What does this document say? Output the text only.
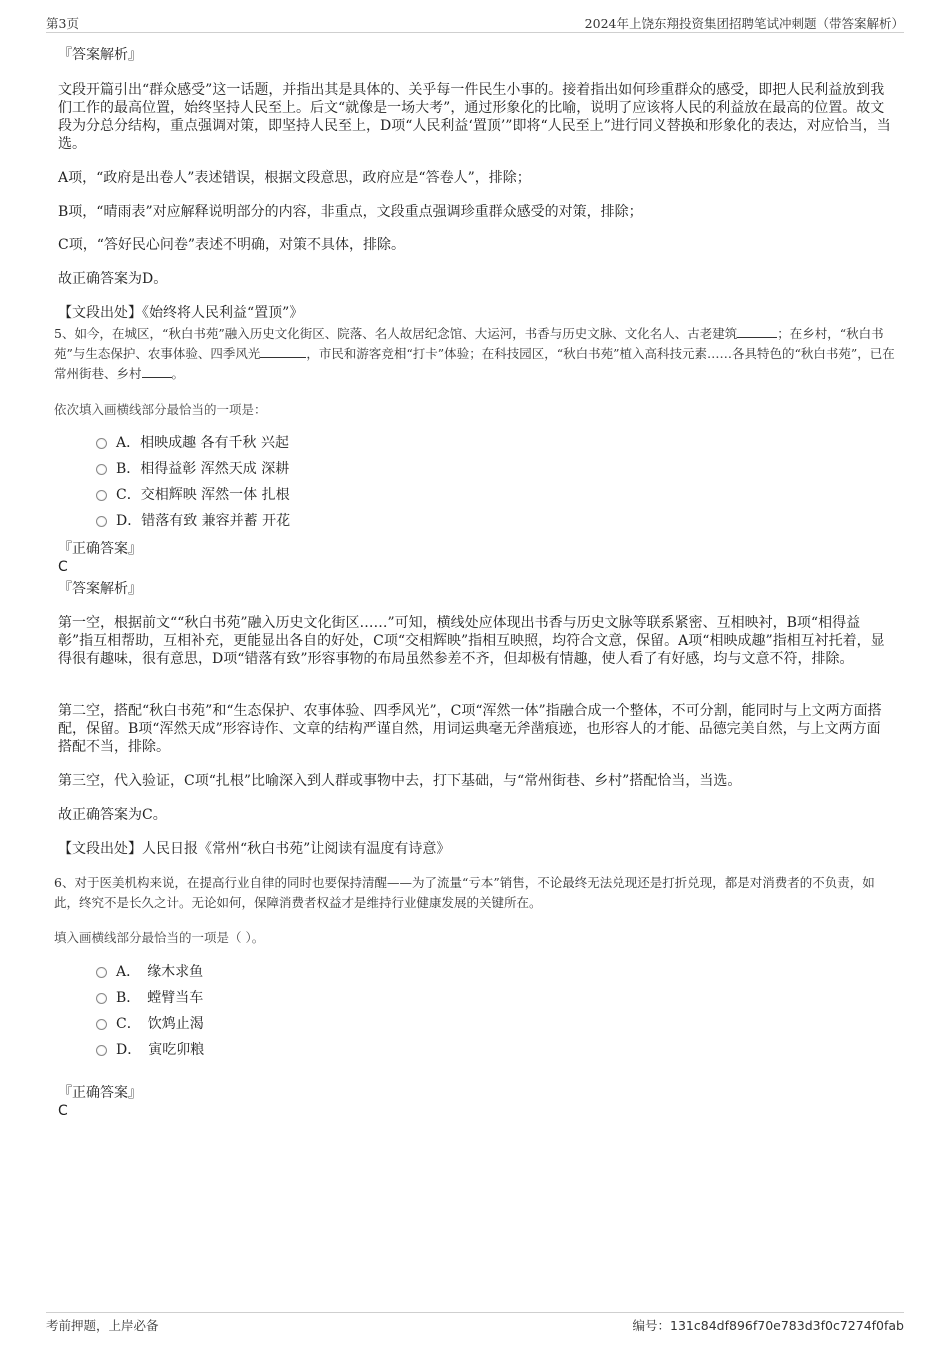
第3页	2024年上饶东翔投资集团招聘笔试冲刺题（带答案解析）
『答案解析』

文段开篇引出“群众感受”这一话题，并指出其是具体的、关乎每一件民生小事的。接着指出如何珍重群众的感受，即把人民利益放到我们工作的最高位置，始终坚持人民至上。后文“就像是一场大考”，通过形象化的比喻，说明了应该将人民的利益放在最高的位置。故文段为分总分结构，重点强调对策，即坚持人民至上，D项“人民利益‘置顶’”即将“人民至上”进行同义替换和形象化的表达，对应恰当，当选。

A项，“政府是出卷人”表述错误，根据文段意思，政府应是“答卷人”，排除；

B项，“晴雨表”对应解释说明部分的内容，非重点，文段重点强调珍重群众感受的对策，排除；

C项，“答好民心问卷”表述不明确，对策不具体，排除。

故正确答案为D。

【文段出处】《始终将人民利益“置顶”》

5、如今，在城区，“秋白书苑”融入历史文化街区、院落、名人故居纪念馆、大运河，书香与历史文脉、文化名人、古老建筑	；在乡村，“秋白书苑”与生态保护、农事体验、四季风光	，市民和游客竞相“打卡”体验；在科技园区，“秋白书苑”植入高科技元素……各具特色的“秋白书苑”，已在常州街巷、乡村 。

依次填入画横线部分最恰当的一项是：
A．相映成趣 各有千秋 兴起
B．相得益彰 浑然天成 深耕
C．交相辉映 浑然一体 扎根
D．错落有致 兼容并蓄 开花
『正确答案』
C
『答案解析』

第一空，根据前文““秋白书苑”融入历史文化街区……”可知，横线处应体现出书香与历史文脉等联系紧密、互相映衬，B项“相得益彰”指互相帮助，互相补充，更能显出各自的好处，C项“交相辉映”指相互映照，均符合文意，保留。A项“相映成趣”指相互衬托着，显得很有趣味，很有意思，D项“错落有致”形容事物的布局虽然参差不齐，但却极有情趣，使人看了有好感，均与文意不符，排除。

第二空，搭配“秋白书苑”和“生态保护、农事体验、四季风光”，C项“浑然一体”指融合成一个整体，不可分割，能同时与上文两方面搭配，保留。B项“浑然天成”形容诗作、文章的结构严谨自然，用词运典毫无斧凿痕迹，也形容人的才能、品德完美自然，与上文两方面搭配不当，排除。

第三空，代入验证，C项“扎根”比喻深入到人群或事物中去，打下基础，与“常州街巷、乡村”搭配恰当，当选。

故正确答案为C。

【文段出处】人民日报《常州“秋白书苑”让阅读有温度有诗意》

6、对于医美机构来说，在提高行业自律的同时也要保持清醒——为了流量“亏本”销售，不论最终无法兑现还是打折兑现，都是对消费者的不负责，如此，终究不是长久之计。无论如何，保障消费者权益才是维持行业健康发展的关键所在。

填入画横线部分最恰当的一项是（ ）。
A．　缘木求鱼
B．　螳臂当车
C．　饮鸩止渴
D．　寅吃卯粮
『正确答案』
C
考前押题，上岸必备	编号：131c84df896f70e783d3f0c7274f0fab
